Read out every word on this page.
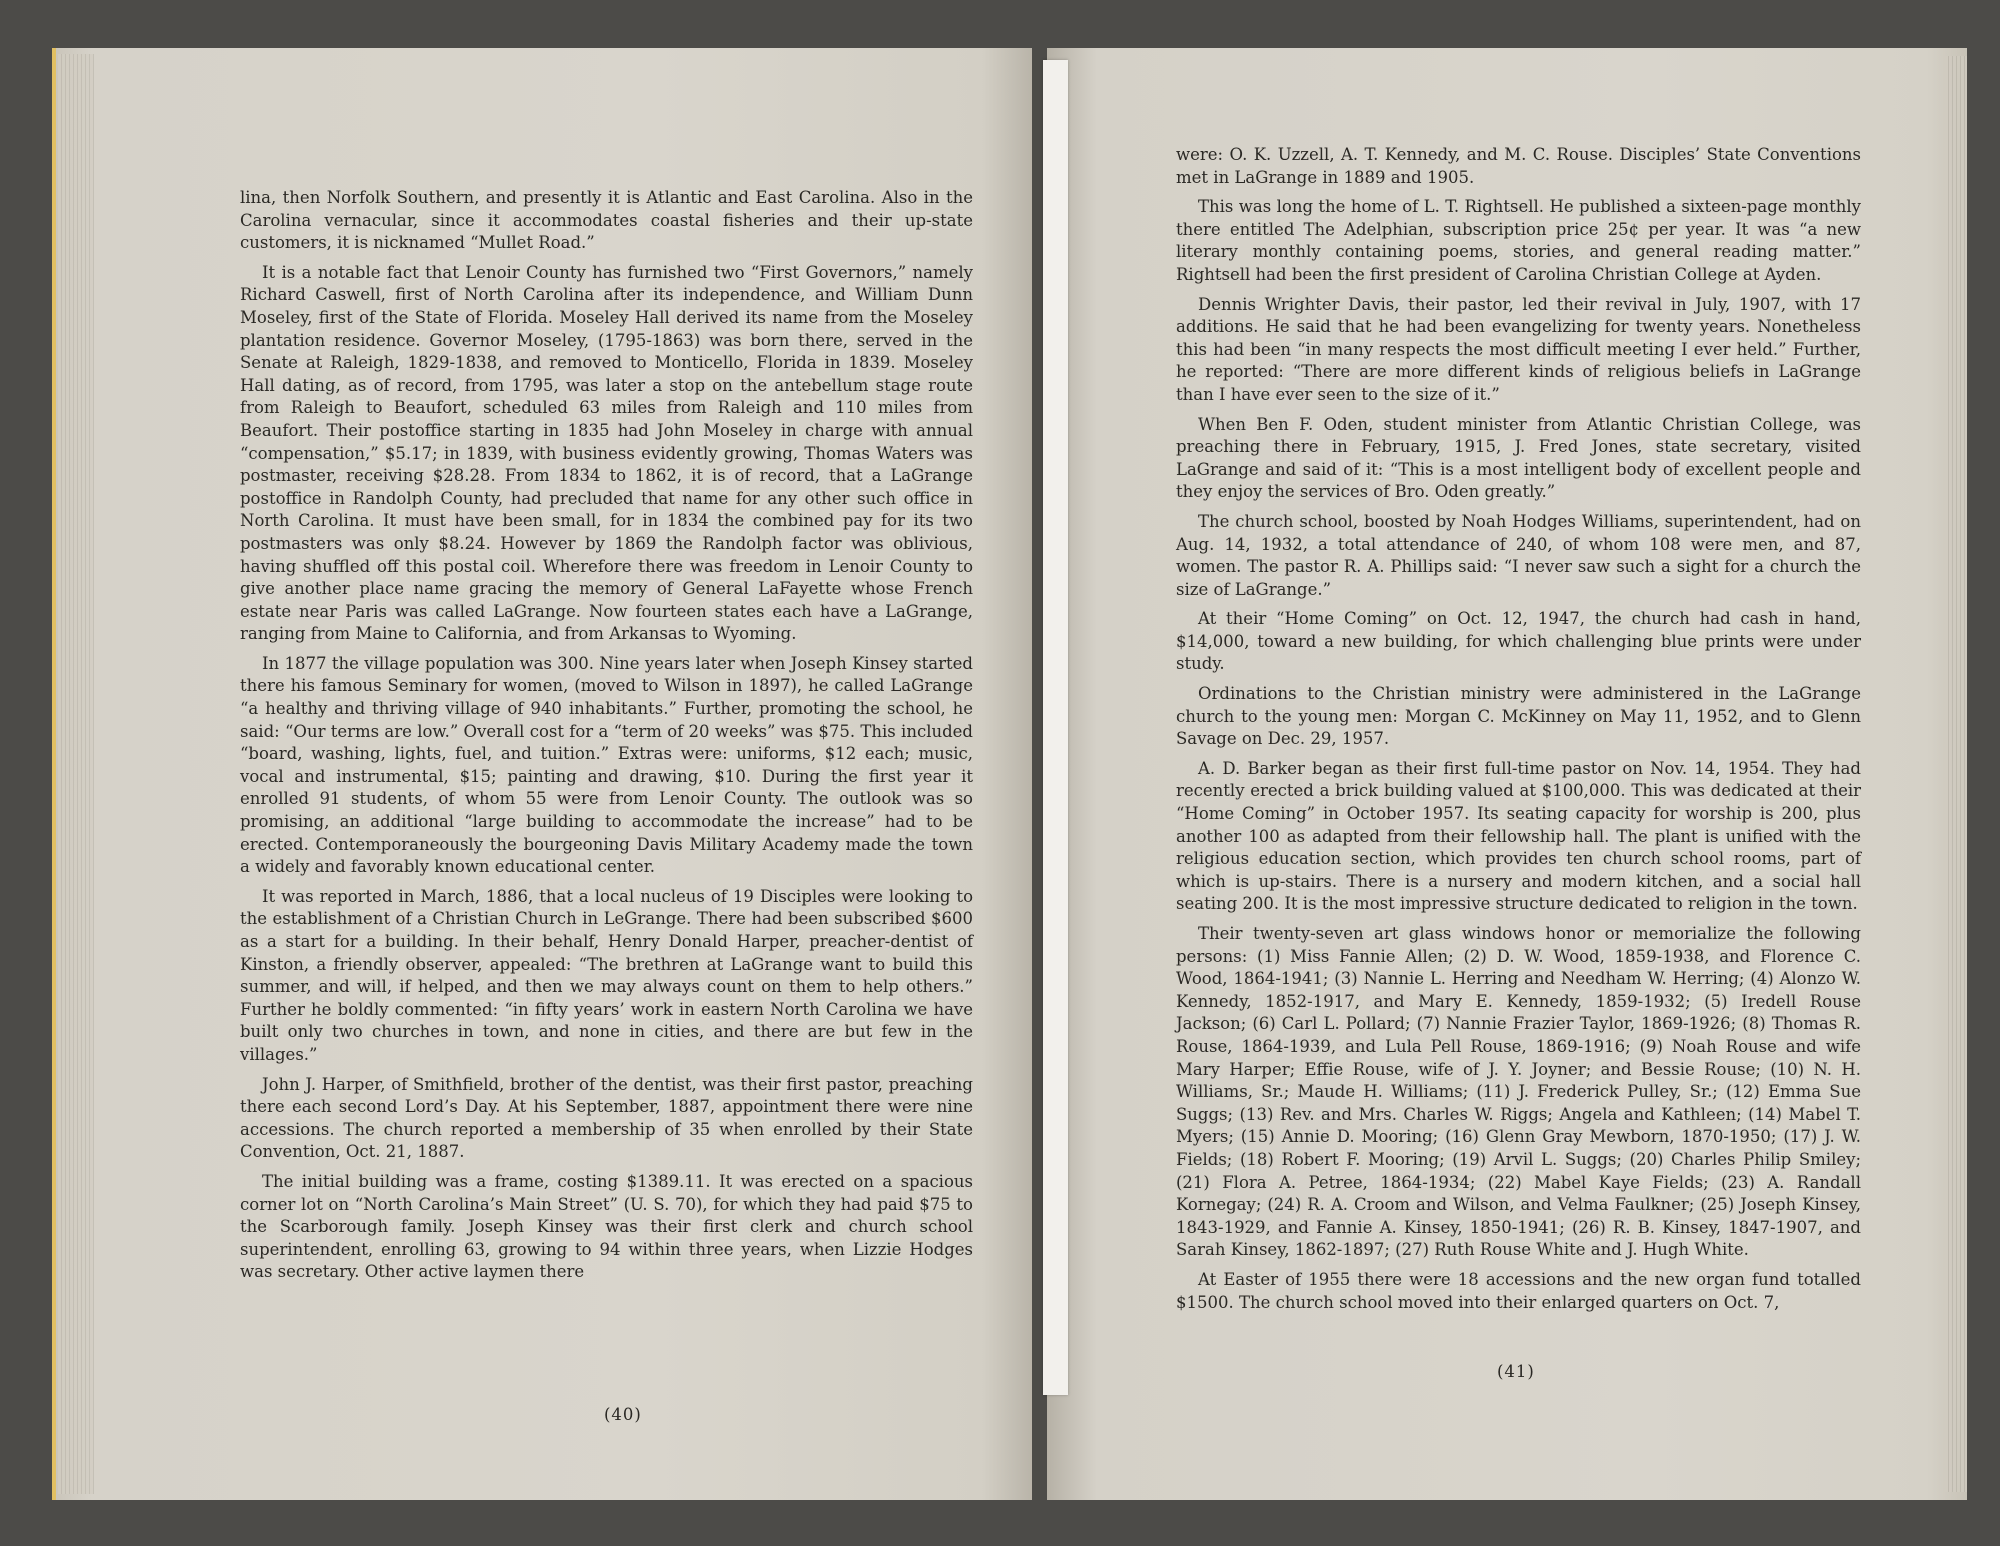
lina, then Norfolk Southern, and presently it is Atlantic and East Carolina. Also in the Carolina vernacular, since it accommodates coastal fisheries and their up-state customers, it is nicknamed “Mullet Road.”

It is a notable fact that Lenoir County has furnished two “First Governors,” namely Richard Caswell, first of North Carolina after its independence, and William Dunn Moseley, first of the State of Florida. Moseley Hall derived its name from the Moseley plantation residence. Governor Moseley, (1795-1863) was born there, served in the Senate at Raleigh, 1829-1838, and removed to Monticello, Florida in 1839. Moseley Hall dating, as of record, from 1795, was later a stop on the antebellum stage route from Raleigh to Beaufort, scheduled 63 miles from Raleigh and 110 miles from Beaufort. Their postoffice starting in 1835 had John Moseley in charge with annual “compensation,” $5.17; in 1839, with business evidently growing, Thomas Waters was postmaster, receiving $28.28. From 1834 to 1862, it is of record, that a LaGrange postoffice in Randolph County, had precluded that name for any other such office in North Carolina. It must have been small, for in 1834 the combined pay for its two postmasters was only $8.24. However by 1869 the Randolph factor was oblivious, having shuffled off this postal coil. Wherefore there was freedom in Lenoir County to give another place name gracing the memory of General LaFayette whose French estate near Paris was called LaGrange. Now fourteen states each have a LaGrange, ranging from Maine to California, and from Arkansas to Wyoming.

In 1877 the village population was 300. Nine years later when Joseph Kinsey started there his famous Seminary for women, (moved to Wilson in 1897), he called LaGrange “a healthy and thriving village of 940 inhabitants.” Further, promoting the school, he said: “Our terms are low.” Overall cost for a “term of 20 weeks” was $75. This included “board, washing, lights, fuel, and tuition.” Extras were: uniforms, $12 each; music, vocal and instrumental, $15; painting and drawing, $10. During the first year it enrolled 91 students, of whom 55 were from Lenoir County. The outlook was so promising, an additional “large building to accommodate the increase” had to be erected. Contemporaneously the bourgeoning Davis Military Academy made the town a widely and favorably known educational center.

It was reported in March, 1886, that a local nucleus of 19 Disciples were looking to the establishment of a Christian Church in LeGrange. There had been subscribed $600 as a start for a building. In their behalf, Henry Donald Harper, preacher-dentist of Kinston, a friendly observer, appealed: “The brethren at LaGrange want to build this summer, and will, if helped, and then we may always count on them to help others.” Further he boldly commented: “in fifty years’ work in eastern North Carolina we have built only two churches in town, and none in cities, and there are but few in the villages.”

John J. Harper, of Smithfield, brother of the dentist, was their first pastor, preaching there each second Lord’s Day. At his September, 1887, appointment there were nine accessions. The church reported a membership of 35 when enrolled by their State Convention, Oct. 21, 1887.

The initial building was a frame, costing $1389.11. It was erected on a spacious corner lot on “North Carolina’s Main Street” (U. S. 70), for which they had paid $75 to the Scarborough family. Joseph Kinsey was their first clerk and church school superintendent, enrolling 63, growing to 94 within three years, when Lizzie Hodges was secretary. Other active laymen there

(40)

were: O. K. Uzzell, A. T. Kennedy, and M. C. Rouse. Disciples’ State Conventions met in LaGrange in 1889 and 1905.

This was long the home of L. T. Rightsell. He published a sixteen-page monthly there entitled The Adelphian, subscription price 25¢ per year. It was “a new literary monthly containing poems, stories, and general reading matter.” Rightsell had been the first president of Carolina Christian College at Ayden.

Dennis Wrighter Davis, their pastor, led their revival in July, 1907, with 17 additions. He said that he had been evangelizing for twenty years. Nonetheless this had been “in many respects the most difficult meeting I ever held.” Further, he reported: “There are more different kinds of religious beliefs in LaGrange than I have ever seen to the size of it.”

When Ben F. Oden, student minister from Atlantic Christian College, was preaching there in February, 1915, J. Fred Jones, state secretary, visited LaGrange and said of it: “This is a most intelligent body of excellent people and they enjoy the services of Bro. Oden greatly.”

The church school, boosted by Noah Hodges Williams, superintendent, had on Aug. 14, 1932, a total attendance of 240, of whom 108 were men, and 87, women. The pastor R. A. Phillips said: “I never saw such a sight for a church the size of LaGrange.”

At their “Home Coming” on Oct. 12, 1947, the church had cash in hand, $14,000, toward a new building, for which challenging blue prints were under study.

Ordinations to the Christian ministry were administered in the LaGrange church to the young men: Morgan C. McKinney on May 11, 1952, and to Glenn Savage on Dec. 29, 1957.

A. D. Barker began as their first full-time pastor on Nov. 14, 1954. They had recently erected a brick building valued at $100,000. This was dedicated at their “Home Coming” in October 1957. Its seating capacity for worship is 200, plus another 100 as adapted from their fellowship hall. The plant is unified with the religious education section, which provides ten church school rooms, part of which is up-stairs. There is a nursery and modern kitchen, and a social hall seating 200. It is the most impressive structure dedicated to religion in the town.

Their twenty-seven art glass windows honor or memorialize the following persons: (1) Miss Fannie Allen; (2) D. W. Wood, 1859-1938, and Florence C. Wood, 1864-1941; (3) Nannie L. Herring and Needham W. Herring; (4) Alonzo W. Kennedy, 1852-1917, and Mary E. Kennedy, 1859-1932; (5) Iredell Rouse Jackson; (6) Carl L. Pollard; (7) Nannie Frazier Taylor, 1869-1926; (8) Thomas R. Rouse, 1864-1939, and Lula Pell Rouse, 1869-1916; (9) Noah Rouse and wife Mary Harper; Effie Rouse, wife of J. Y. Joyner; and Bessie Rouse; (10) N. H. Williams, Sr.; Maude H. Williams; (11) J. Frederick Pulley, Sr.; (12) Emma Sue Suggs; (13) Rev. and Mrs. Charles W. Riggs; Angela and Kathleen; (14) Mabel T. Myers; (15) Annie D. Mooring; (16) Glenn Gray Mewborn, 1870-1950; (17) J. W. Fields; (18) Robert F. Mooring; (19) Arvil L. Suggs; (20) Charles Philip Smiley; (21) Flora A. Petree, 1864-1934; (22) Mabel Kaye Fields; (23) A. Randall Kornegay; (24) R. A. Croom and Wilson, and Velma Faulkner; (25) Joseph Kinsey, 1843-1929, and Fannie A. Kinsey, 1850-1941; (26) R. B. Kinsey, 1847-1907, and Sarah Kinsey, 1862-1897; (27) Ruth Rouse White and J. Hugh White.

At Easter of 1955 there were 18 accessions and the new organ fund totalled $1500. The church school moved into their enlarged quarters on Oct. 7,

(41)
